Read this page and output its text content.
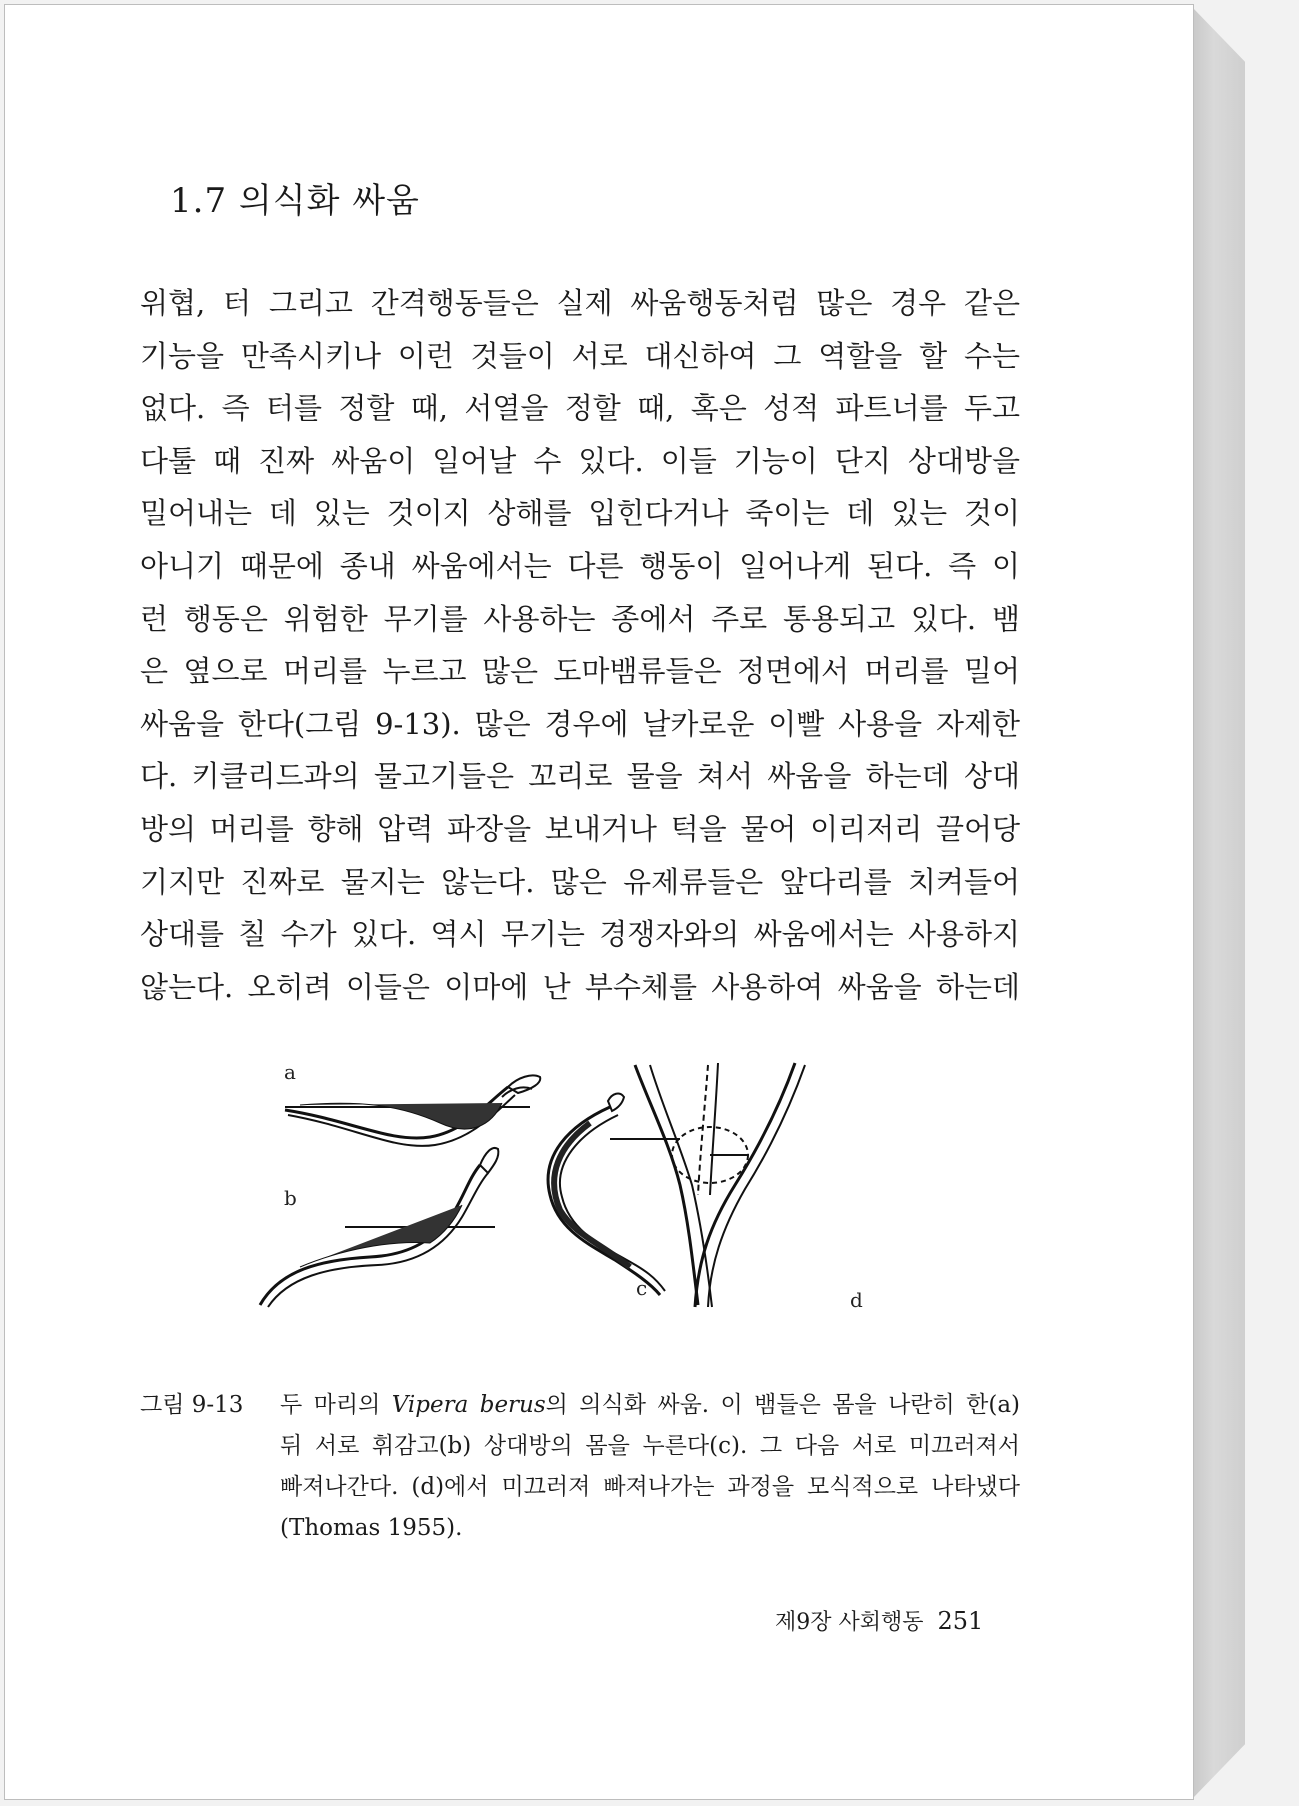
1.7 의식화 싸움
위협, 터 그리고 간격행동들은 실제 싸움행동처럼 많은 경우 같은
기능을 만족시키나 이런 것들이 서로 대신하여 그 역할을 할 수는
없다. 즉 터를 정할 때, 서열을 정할 때, 혹은 성적 파트너를 두고
다툴 때 진짜 싸움이 일어날 수 있다. 이들 기능이 단지 상대방을
밀어내는 데 있는 것이지 상해를 입힌다거나 죽이는 데 있는 것이
아니기 때문에 종내 싸움에서는 다른 행동이 일어나게 된다. 즉 이
런 행동은 위험한 무기를 사용하는 종에서 주로 통용되고 있다. 뱀
은 옆으로 머리를 누르고 많은 도마뱀류들은 정면에서 머리를 밀어
싸움을 한다(그림 9-13). 많은 경우에 날카로운 이빨 사용을 자제한
다. 키클리드과의 물고기들은 꼬리로 물을 쳐서 싸움을 하는데 상대
방의 머리를 향해 압력 파장을 보내거나 턱을 물어 이리저리 끌어당
기지만 진짜로 물지는 않는다. 많은 유제류들은 앞다리를 치켜들어
상대를 칠 수가 있다. 역시 무기는 경쟁자와의 싸움에서는 사용하지
않는다. 오히려 이들은 이마에 난 부수체를 사용하여 싸움을 하는데
a
b
c	d
그림 9-13 두 마리의 Vipera berus의 의식화 싸움. 이 뱀들은 몸을 나란히 한(a)
뒤 서로 휘감고(b) 상대방의 몸을 누른다(c). 그 다음 서로 미끄러져서
빠져나간다. (d)에서 미끄러져 빠져나가는 과정을 모식적으로 나타냈다
(Thomas 1955).
제9장 사회행동 251
